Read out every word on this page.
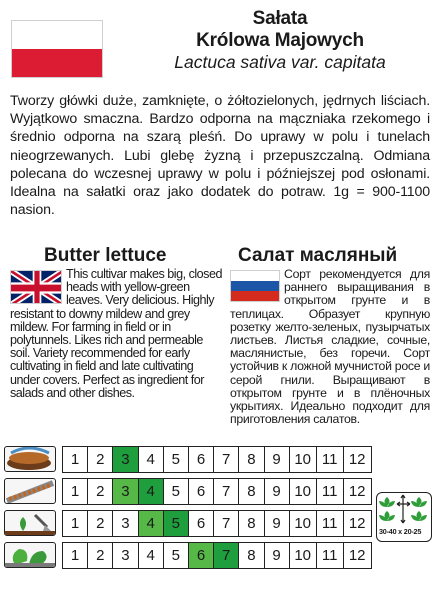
Sałata
Królowa Majowych
Lactuca sativa var. capitata
Tworzy główki duże, zamknięte, o żółtozielonych, jędrnych liściach. Wyjątkowo smaczna. Bardzo odporna na mączniaka rzekomego i średnio odporna na szarą pleśń. Do uprawy w polu i tunelach nieogrzewanych. Lubi glebę żyzną i przepuszczalną. Odmiana polecana do wczesnej uprawy w polu i późniejszej pod osłonami. Idealna na sałatki oraz jako dodatek do potraw. 1g = 900-1100 nasion.
Butter lettuce	Салат масляный
This cultivar makes big, closed heads with yellow-green leaves. Very delicious. Highly resistant to downy mildew and grey mildew. For farming in field or in polytunnels. Likes rich and permeable soil. Variety recommended for early cultivating in field and late cultivating under covers. Perfect as ingredient for salads and other dishes.
Сорт рекомендуется для раннего выращивания в открытом грунте и в теплицах. Образует крупную розетку желто-зеленых, пузырчатых листьев. Листья сладкие, сочные, маслянистые, без горечи. Сорт устойчив к ложной мучнистой росе и серой гнили. Выращивают в открытом грунте и в плёночных укрытиях. Идеально подходит для приготовления салатов.
1	2	3	4	5	6	7	8	9 10 11 12
1	2	3	4	5	6	7	8	9 10 11 12
1	2	3	4	5	6	7	8	9 10 11 12
1	2	3	4	5	6	7	8	9 10 11 12
30-40 x 20-25
